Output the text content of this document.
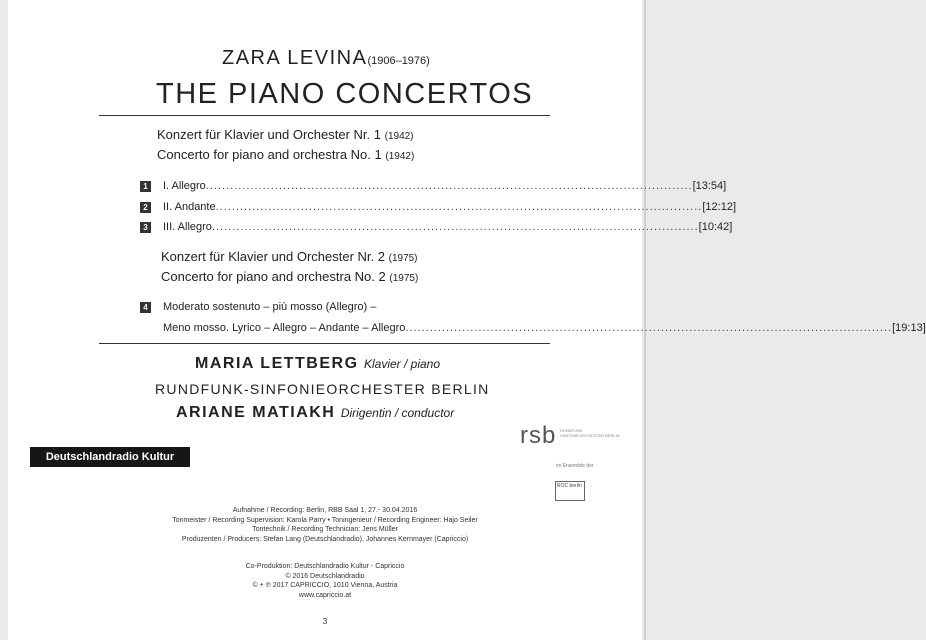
ZARA LEVINA(1906–1976)
THE PIANO CONCERTOS
Konzert für Klavier und Orchester Nr. 1 (1942)
Concerto for piano and orchestra No. 1 (1942)
1 I. Allegro ........................................................................................................................ [13:54]
2 II. Andante ........................................................................................................................ [12:12]
3 III. Allegro ........................................................................................................................ [10:42]
Konzert für Klavier und Orchester Nr. 2 (1975)
Concerto for piano and orchestra No. 2 (1975)
4 Moderato sostenuto – più mosso (Allegro) –
Meno mosso. Lyrico – Allegro – Andante – Allegro ........................................................................................................................ [19:13]
MARIA LETTBERG Klavier / piano
RUNDFUNK-SINFONIEORCHESTER BERLIN
ARIANE MATIAKH Dirigentin / conductor
Deutschlandradio Kultur
rsb RUNDFUNK SINFONIEORCHESTER BERLIN
im Ensemble der
ROC berlin
Aufnahme / Recording: Berlin, RBB Saal 1, 27.- 30.04.2016
Tonmeister / Recording Supervision: Karola Parry • Toningenieur / Recording Engineer: Hajo Seiler
Tontechnik / Recording Technician: Jens Müller
Produzenten / Producers: Stefan Lang (Deutschlandradio), Johannes Kernmayer (Capriccio)
Co-Produktion: Deutschlandradio Kultur - Capriccio
© 2016 Deutschlandradio
© + ℗ 2017 CAPRICCIO, 1010 Vienna, Austria
www.capriccio.at
3
